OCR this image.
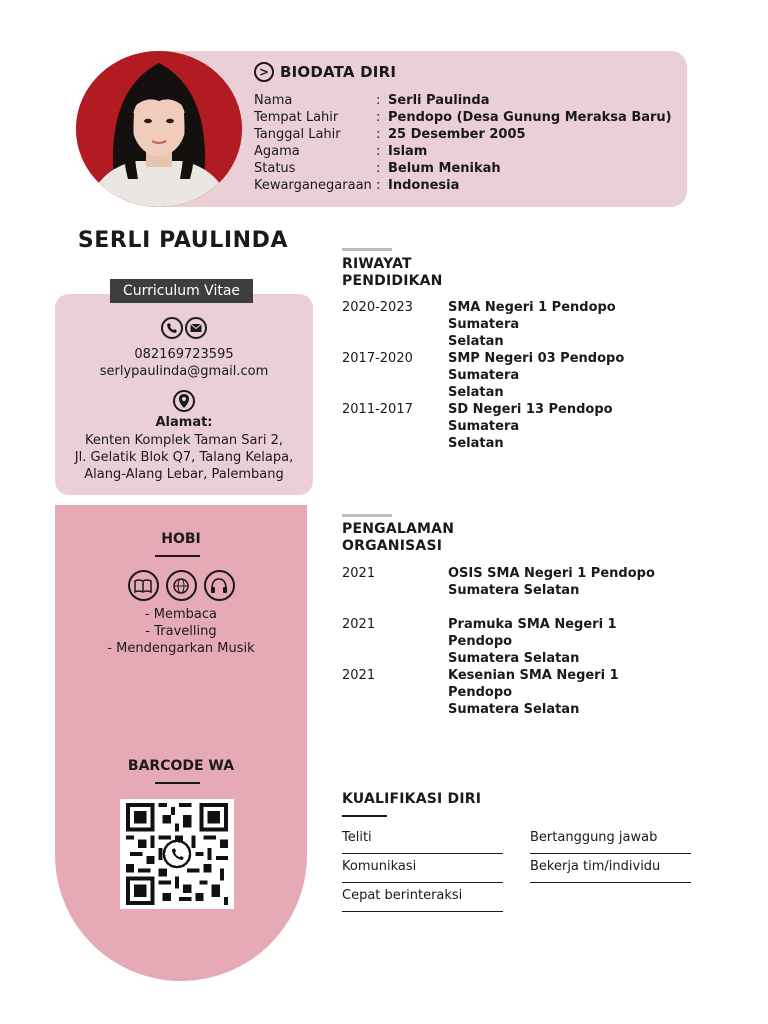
> BIODATA DIRI
Nama	: Serli Paulinda
Tempat Lahir	: Pendopo (Desa Gunung Meraksa Baru)
Tanggal Lahir	: 25 Desember 2005
Agama	: Islam
Status	: Belum Menikah
Kewarganegaraan : Indonesia
SERLI PAULINDA
Curriculum Vitae
082169723595
serlypaulinda@gmail.com
Alamat:
Kenten Komplek Taman Sari 2,
Jl. Gelatik Blok Q7, Talang Kelapa,
Alang-Alang Lebar, Palembang
HOBI
- Membaca
- Travelling
- Mendengarkan Musik
BARCODE WA
RIWAYAT
PENDIDIKAN
2020-2023	SMA Negeri 1 Pendopo Sumatera
Selatan
2017-2020	SMP Negeri 03 Pendopo Sumatera
Selatan
2011-2017	SD Negeri 13 Pendopo Sumatera
Selatan
PENGALAMAN
ORGANISASI
2021	OSIS SMA Negeri 1 Pendopo
Sumatera Selatan
2021	Pramuka SMA Negeri 1 Pendopo
Sumatera Selatan
2021	Kesenian SMA Negeri 1 Pendopo
Sumatera Selatan
KUALIFIKASI DIRI
Teliti
Komunikasi
Cepat berinteraksi
Bertanggung jawab
Bekerja tim/individu
